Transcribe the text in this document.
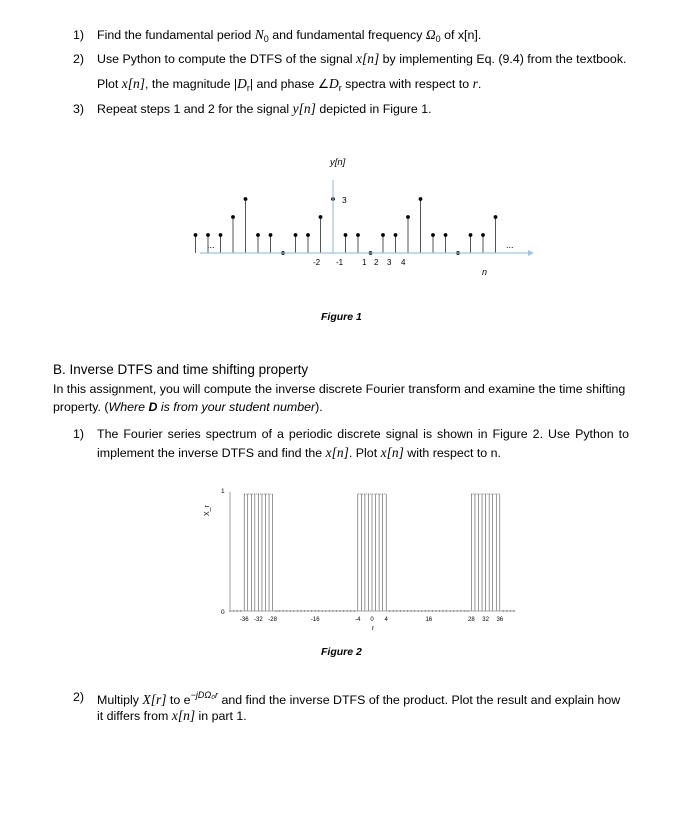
1) Find the fundamental period $N_0$ and fundamental frequency $\Omega_0$ of x[n].
2) Use Python to compute the DTFS of the signal x[n] by implementing Eq. (9.4) from the textbook.
Plot x[n], the magnitude $|D_r|$ and phase $\angle D_r$ spectra with respect to r.
3) Repeat steps 1 and 2 for the signal y[n] depicted in Figure 1.
...	...
y[n]
3
n
-2 -1 1 2 3 4
Figure 1
B. Inverse DTFS and time shifting property
In this assignment, you will compute the inverse discrete Fourier transform and examine the time shifting
property. (Where D is from your student number).
1) The Fourier series spectrum of a periodic discrete signal is shown in Figure 2. Use Python to
implement the inverse DTFS and find the x[n]. Plot x[n] with respect to n.
1
0
X_r
-36 -32 -28	-16	-4 0 4	16	28 32 36
r
Figure 2
2) Multiply X[r] to $e^{-jD\Omega_0r}$ and find the inverse DTFS of the product. Plot the result and explain how
it differs from x[n] in part 1.
